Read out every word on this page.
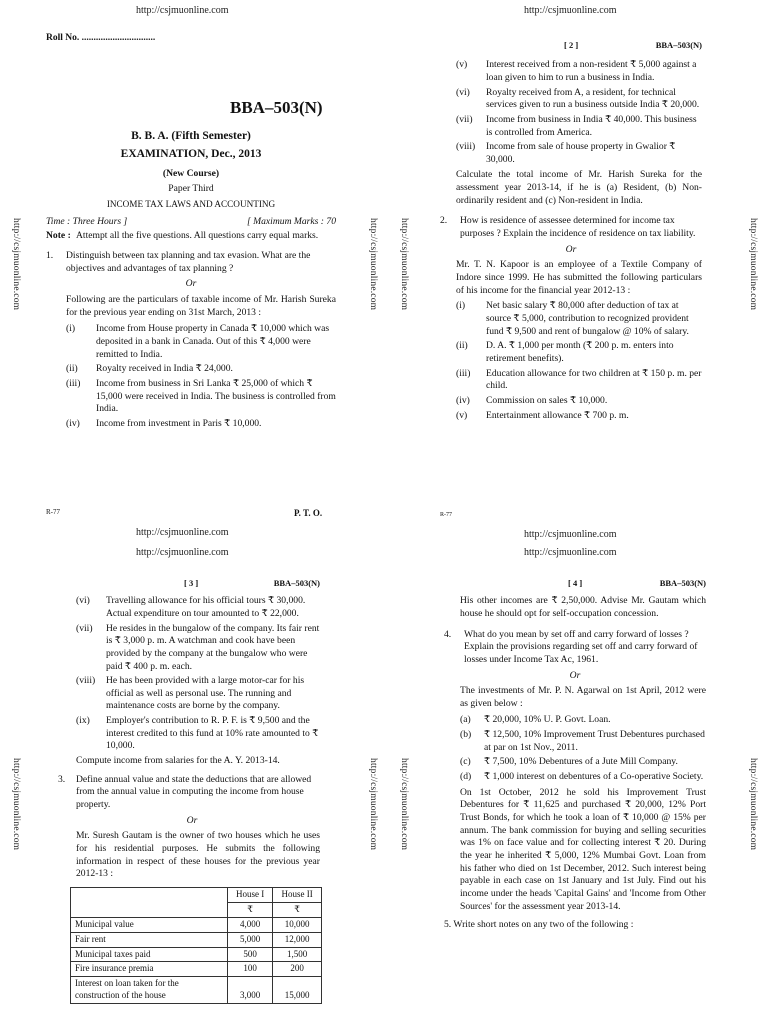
http://csjmuonline.com	http://csjmuonline.com
http://csjmuonline.com
http://csjmuonline.com
http://csjmuonline.com
http://csjmuonline.com
http://csjmuonline.com	http://csjmuonline.com http://csjmuonline.com	http://csjmuonline.com
http://csjmuonline.com	http://csjmuonline.com http://csjmuonline.com	http://csjmuonline.com

Roll No. ...............................

BBA–503(N)

B. B. A. (Fifth Semester)

EXAMINATION, Dec., 2013

(New Course)

Paper Third

INCOME TAX LAWS AND ACCOUNTING

Time : Three Hours ]	[ Maximum Marks : 70
Note : Attempt all the five questions. All questions carry equal marks.
1. Distinguish between tax planning and tax evasion. What are the objectives and advantages of tax planning ?

Or

Following are the particulars of taxable income of Mr. Harish Sureka for the previous year ending on 31st March, 2013 :

(i) Income from House property in Canada ₹ 10,000 which was deposited in a bank in Canada. Out of this ₹ 4,000 were remitted to India.
(ii) Royalty received in India ₹ 24,000.
(iii) Income from business in Sri Lanka ₹ 25,000 of which ₹ 15,000 were received in India. The business is controlled from India.
(iv) Income from investment in Paris ₹ 10,000.
R-77	P. T. O.
[ 2 ]	BBA–503(N)
(v) Interest received from a non-resident ₹ 5,000 against a loan given to him to run a business in India.
(vi) Royalty received from A, a resident, for technical services given to run a business outside India ₹ 20,000.
(vii) Income from business in India ₹ 40,000. This business is controlled from America.
(viii) Income from sale of house property in Gwalior ₹ 30,000.

Calculate the total income of Mr. Harish Sureka for the assessment year 2013-14, if he is (a) Resident, (b) Non-ordinarily resident and (c) Non-resident in India.

2. How is residence of assessee determined for income tax purposes ? Explain the incidence of residence on tax liability.

Or

Mr. T. N. Kapoor is an employee of a Textile Company of Indore since 1999. He has submitted the following particulars of his income for the financial year 2012-13 :

(i) Net basic salary ₹ 80,000 after deduction of tax at source ₹ 5,000, contribution to recognized provident fund ₹ 9,500 and rent of bungalow @ 10% of salary.
(ii) D. A. ₹ 1,000 per month (₹ 200 p. m. enters into retirement benefits).
(iii) Education allowance for two children at ₹ 150 p. m. per child.
(iv) Commission on sales ₹ 10,000.
(v) Entertainment allowance ₹ 700 p. m.
R-77
[ 3 ]	BBA–503(N)
(vi) Travelling allowance for his official tours ₹ 30,000. Actual expenditure on tour amounted to ₹ 22,000.
(vii) He resides in the bungalow of the company. Its fair rent is ₹ 3,000 p. m. A watchman and cook have been provided by the company at the bungalow who were paid ₹ 400 p. m. each.
(viii) He has been provided with a large motor-car for his official as well as personal use. The running and maintenance costs are borne by the company.
(ix) Employer's contribution to R. P. F. is ₹ 9,500 and the interest credited to this fund at 10% rate amounted to ₹ 10,000.

Compute income from salaries for the A. Y. 2013-14.

3. Define annual value and state the deductions that are allowed from the annual value in computing the income from house property.

Or

Mr. Suresh Gautam is the owner of two houses which he uses for his residential purposes. He submits the following information in respect of these houses for the previous year 2012-13 :

	House I	House II
	₹	₹
Municipal value	4,000	10,000
Fair rent	5,000	12,000
Municipal taxes paid	500	1,500
Fire insurance premia	100	200
Interest on loan taken for the construction of the house	3,000	15,000
[ 4 ]	BBA–503(N)

His other incomes are ₹ 2,50,000. Advise Mr. Gautam which house he should opt for self-occupation concession.

4. What do you mean by set off and carry forward of losses ? Explain the provisions regarding set off and carry forward of losses under Income Tax Ac, 1961.

Or

The investments of Mr. P. N. Agarwal on 1st April, 2012 were as given below :

(a) ₹ 20,000, 10% U. P. Govt. Loan.
(b) ₹ 12,500, 10% Improvement Trust Debentures purchased at par on 1st Nov., 2011.
(c) ₹ 7,500, 10% Debentures of a Jute Mill Company.
(d) ₹ 1,000 interest on debentures of a Co-operative Society.

On 1st October, 2012 he sold his Improvement Trust Debentures for ₹ 11,625 and purchased ₹ 20,000, 12% Port Trust Bonds, for which he took a loan of ₹ 10,000 @ 15% per annum. The bank commission for buying and selling securities was 1% on face value and for collecting interest ₹ 20. During the year he inherited ₹ 5,000, 12% Mumbai Govt. Loan from his father who died on 1st December, 2012. Such interest being payable in each case on 1st January and 1st July. Find out his income under the heads 'Capital Gains' and 'Income from Other Sources' for the assessment year 2013-14.

5. Write short notes on any two of the following :
